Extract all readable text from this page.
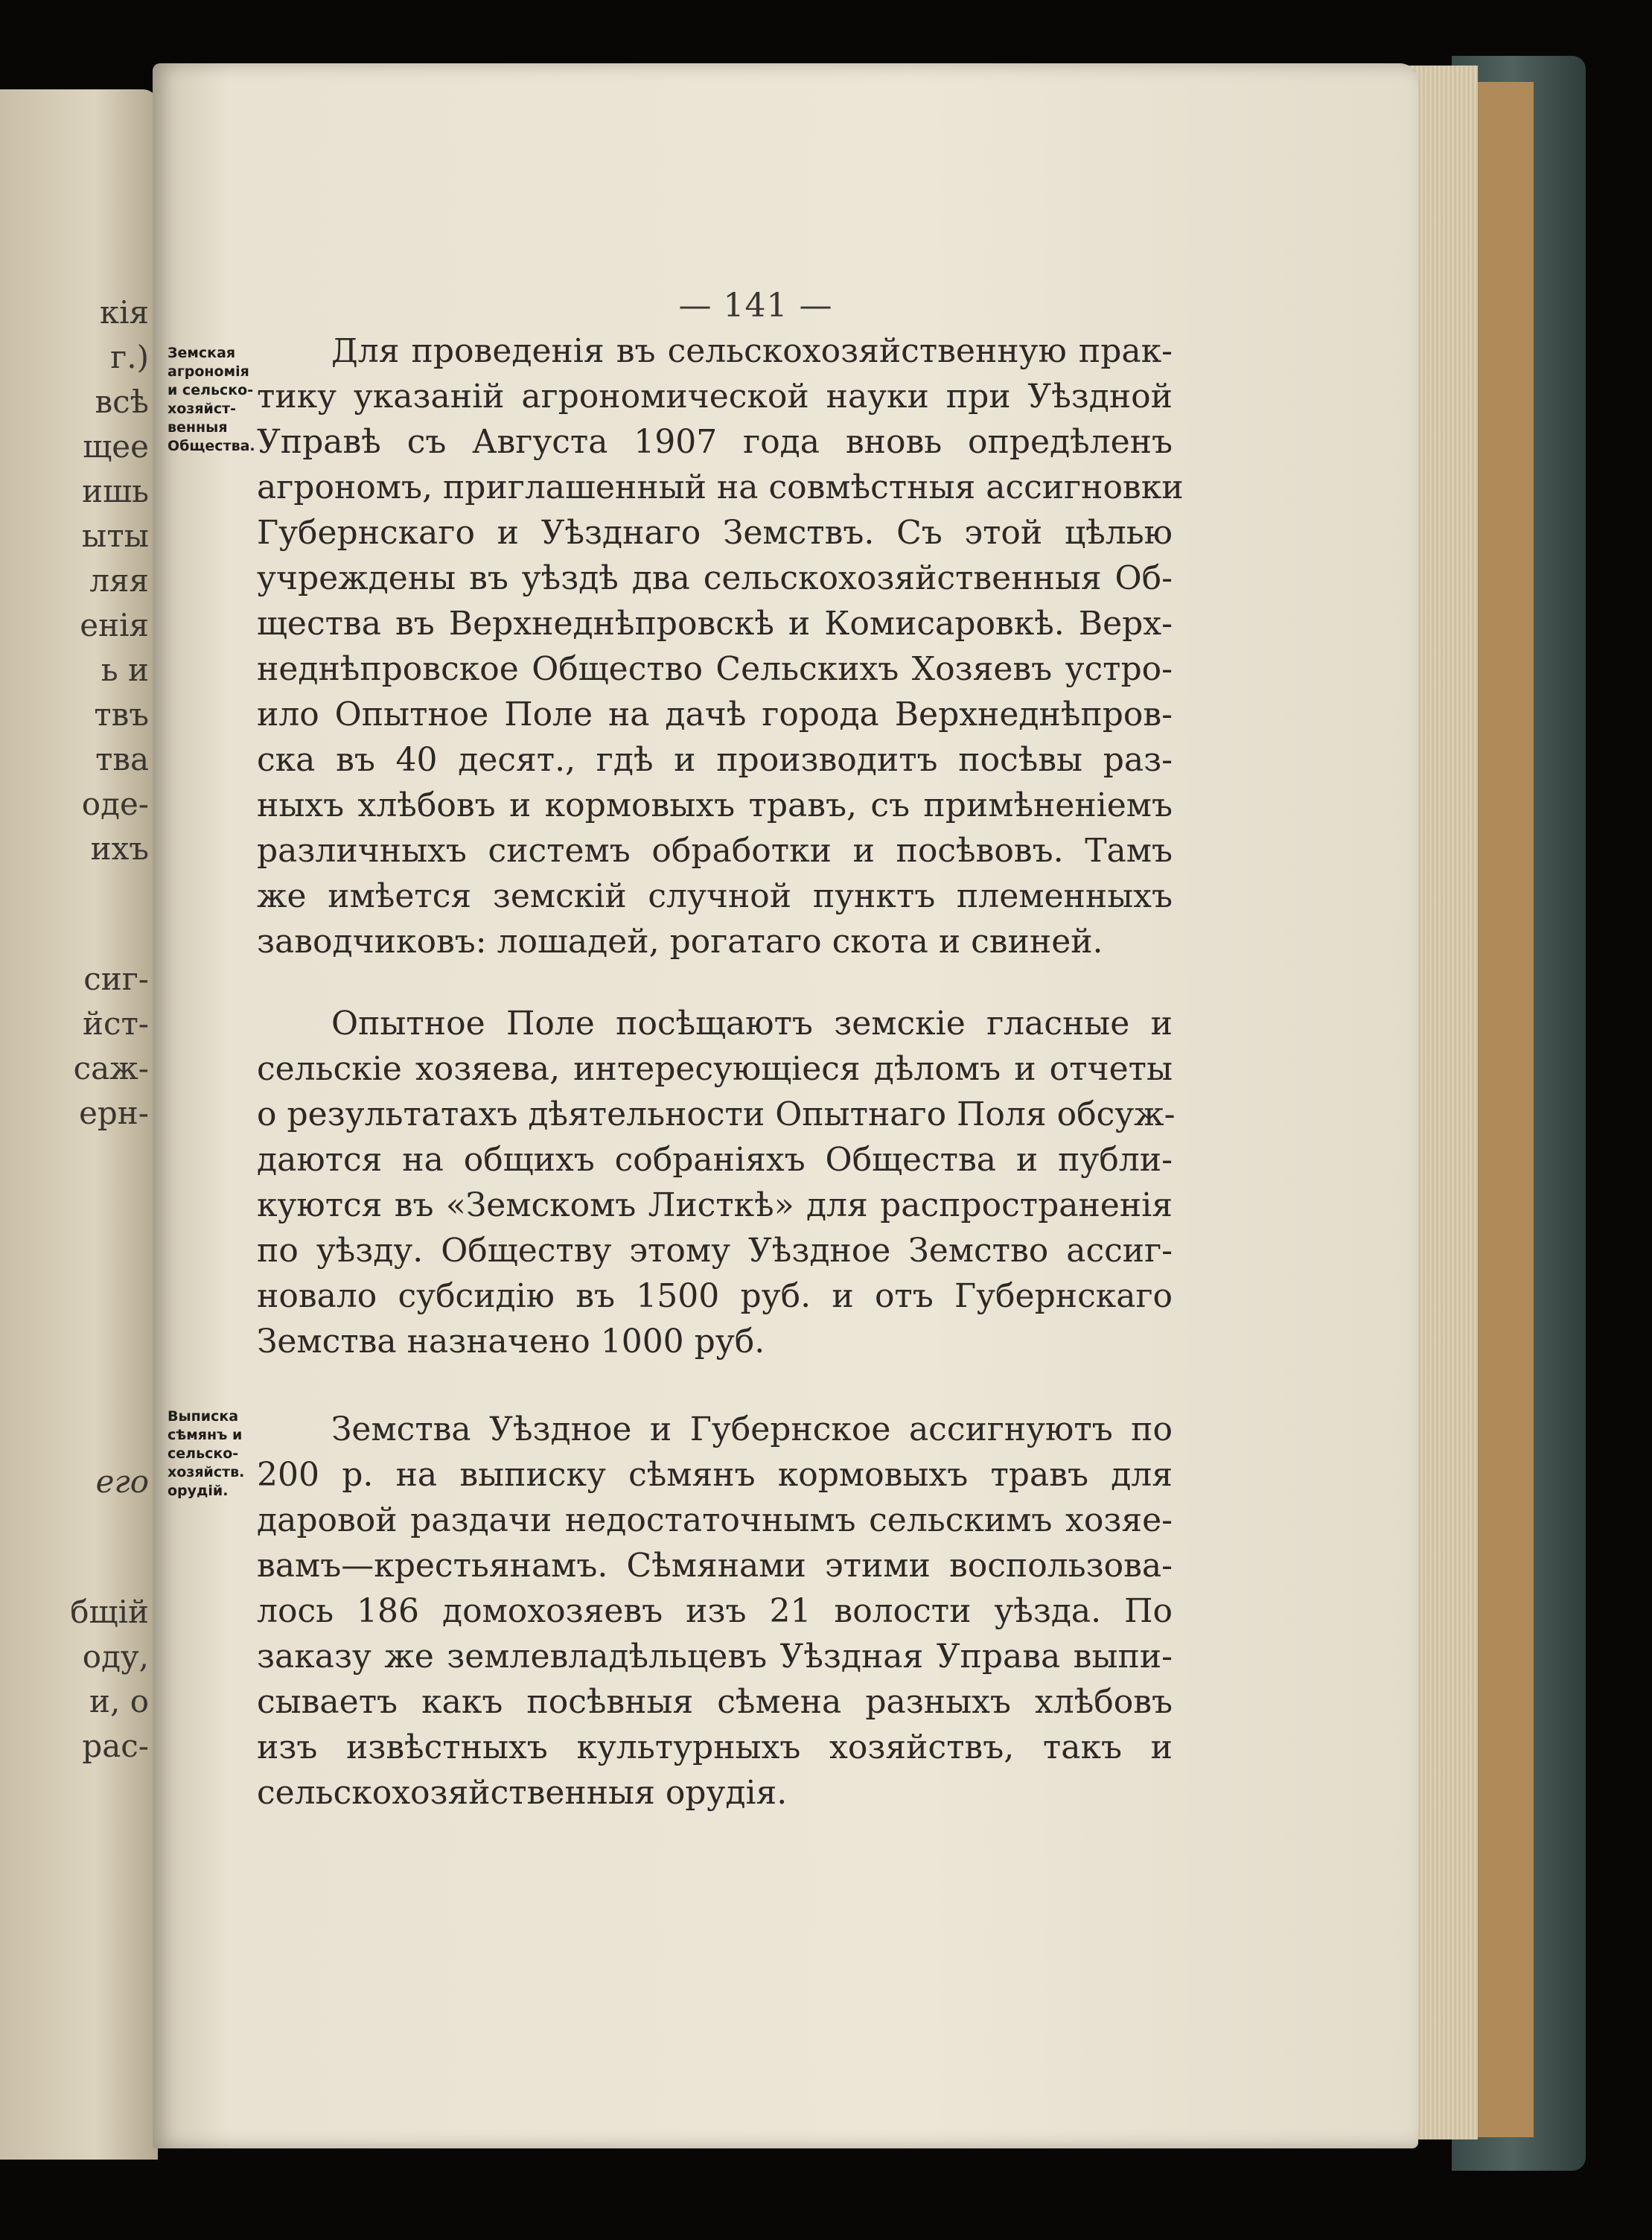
кія
г.)
всѣ
щее
ишь
ыты
ляя
енія
ь и
твъ
тва
оде-
ихъ
сиг-
йст-
саж-
ерн-
его
бщій
оду,
и, о
рас-
— 141 —
Земская
агрономія
и сельско-
хозяйст-
венныя
Общества.
Выписка
сѣмянъ и
сельско-
хозяйств.
орудій.
Для проведенія въ сельскохозяйственную прак-
тику указаній агрономической науки при Уѣздной
Управѣ съ Августа 1907 года вновь опредѣленъ
агрономъ, приглашенный на совмѣстныя ассигновки
Губернскаго и Уѣзднаго Земствъ. Съ этой цѣлью
учреждены въ уѣздѣ два сельскохозяйственныя Об-
щества въ Верхнеднѣпровскѣ и Комисаровкѣ. Верх-
неднѣпровское Общество Сельскихъ Хозяевъ устро-
ило Опытное Поле на дачѣ города Верхнеднѣпров-
ска въ 40 десят., гдѣ и производитъ посѣвы раз-
ныхъ хлѣбовъ и кормовыхъ травъ, съ примѣненіемъ
различныхъ системъ обработки и посѣвовъ. Тамъ
же имѣется земскій случной пунктъ племенныхъ
заводчиковъ: лошадей, рогатаго скота и свиней.
Опытное Поле посѣщаютъ земскіе гласные и
сельскіе хозяева, интересующіеся дѣломъ и отчеты
о результатахъ дѣятельности Опытнаго Поля обсуж-
даются на общихъ собраніяхъ Общества и публи-
куются въ «Земскомъ Листкѣ» для распространенія
по уѣзду. Обществу этому Уѣздное Земство ассиг-
новало субсидію въ 1500 руб. и отъ Губернскаго
Земства назначено 1000 руб.
Земства Уѣздное и Губернское ассигнуютъ по
200 р. на выписку сѣмянъ кормовыхъ травъ для
даровой раздачи недостаточнымъ сельскимъ хозяе-
вамъ—крестьянамъ. Сѣмянами этими воспользова-
лось 186 домохозяевъ изъ 21 волости уѣзда. По
заказу же землевладѣльцевъ Уѣздная Управа выпи-
сываетъ какъ посѣвныя сѣмена разныхъ хлѣбовъ
изъ извѣстныхъ культурныхъ хозяйствъ, такъ и
сельскохозяйственныя орудія.
